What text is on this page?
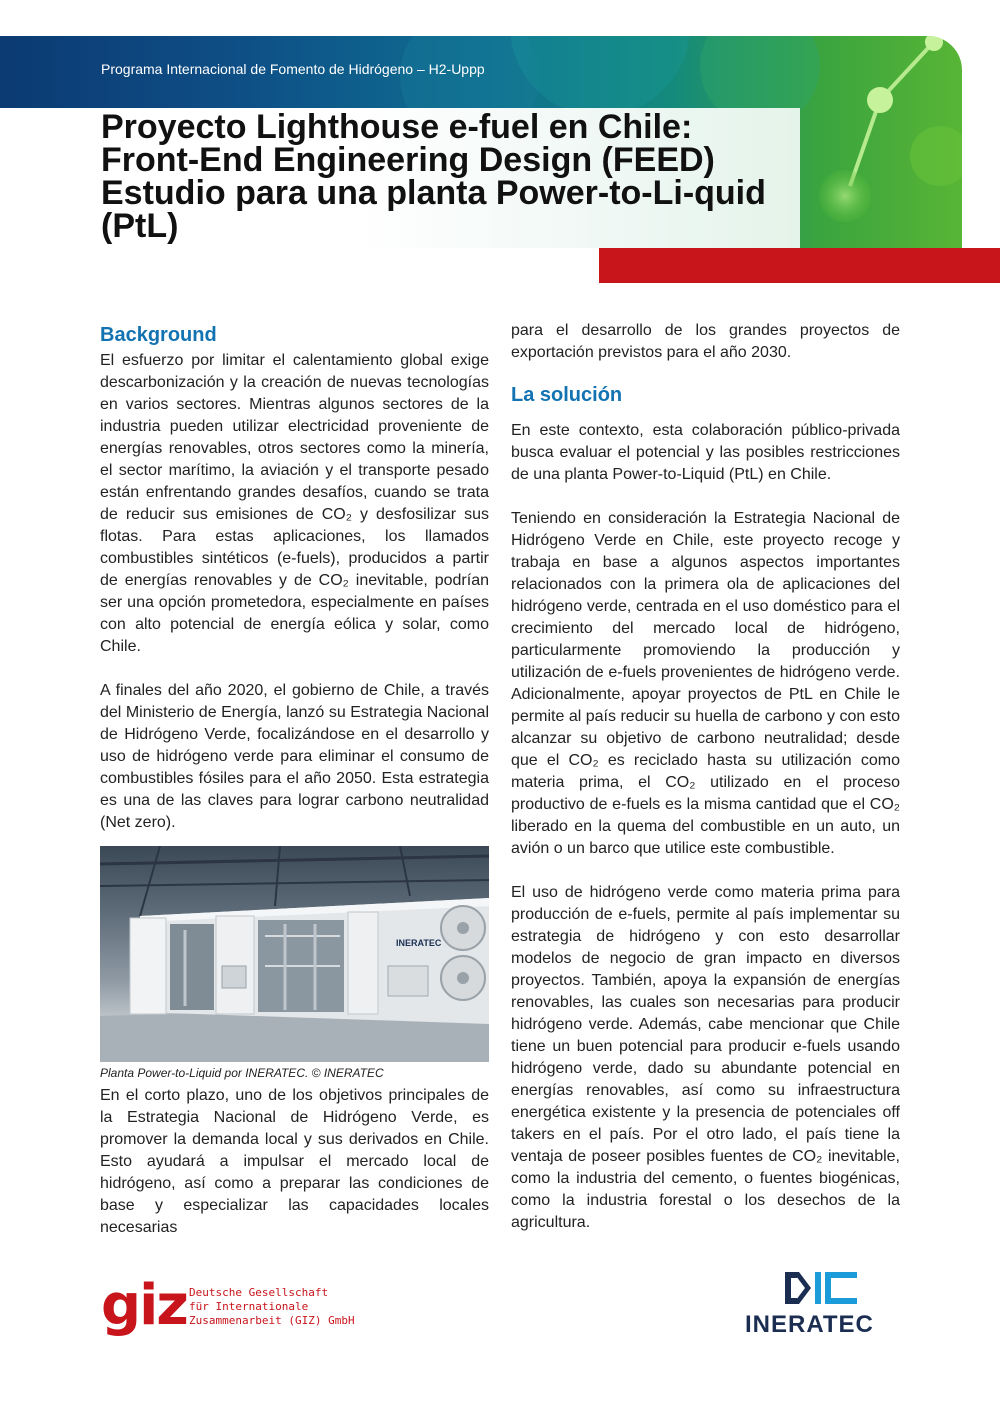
Programa Internacional de Fomento de Hidrógeno – H2-Uppp
Proyecto Lighthouse e-fuel en Chile: Front-End Engineering Design (FEED) Estudio para una planta Power-to-Li-quid (PtL)
Background

El esfuerzo por limitar el calentamiento global exige descarbonización y la creación de nuevas tecnologías en varios sectores. Mientras algunos sectores de la industria pueden utilizar electricidad proveniente de energías renovables, otros sectores como la minería, el sector marítimo, la aviación y el transporte pesado están enfrentando grandes desafíos, cuando se trata de reducir sus emisiones de CO₂ y desfosilizar sus flotas. Para estas aplicaciones, los llamados combustibles sintéticos (e-fuels), producidos a partir de energías renovables y de CO₂ inevitable, podrían ser una opción prometedora, especialmente en países con alto potencial de energía eólica y solar, como Chile.

A finales del año 2020, el gobierno de Chile, a través del Ministerio de Energía, lanzó su Estrategia Nacional de Hidrógeno Verde, focalizándose en el desarrollo y uso de hidrógeno verde para eliminar el consumo de combustibles fósiles para el año 2050. Esta estrategia es una de las claves para lograr carbono neutralidad (Net zero).

INERATEC
Planta Power-to-Liquid por INERATEC. © INERATEC

En el corto plazo, uno de los objetivos principales de la Estrategia Nacional de Hidrógeno Verde, es promover la demanda local y sus derivados en Chile. Esto ayudará a impulsar el mercado local de hidrógeno, así como a preparar las condiciones de base y especializar las capacidades locales necesarias

para el desarrollo de los grandes proyectos de exportación previstos para el año 2030.

La solución

En este contexto, esta colaboración público-privada busca evaluar el potencial y las posibles restricciones de una planta Power-to-Liquid (PtL) en Chile.

Teniendo en consideración la Estrategia Nacional de Hidrógeno Verde en Chile, este proyecto recoge y trabaja en base a algunos aspectos importantes relacionados con la primera ola de aplicaciones del hidrógeno verde, centrada en el uso doméstico para el crecimiento del mercado local de hidrógeno, particularmente promoviendo la producción y utilización de e-fuels provenientes de hidrógeno verde. Adicionalmente, apoyar proyectos de PtL en Chile le permite al país reducir su huella de carbono y con esto alcanzar su objetivo de carbono neutralidad; desde que el CO₂ es reciclado hasta su utilización como materia prima, el CO₂ utilizado en el proceso productivo de e-fuels es la misma cantidad que el CO₂ liberado en la quema del combustible en un auto, un avión o un barco que utilice este combustible.

El uso de hidrógeno verde como materia prima para producción de e-fuels, permite al país implementar su estrategia de hidrógeno y con esto desarrollar modelos de negocio de gran impacto en diversos proyectos. También, apoya la expansión de energías renovables, las cuales son necesarias para producir hidrógeno verde. Además, cabe mencionar que Chile tiene un buen potencial para producir e-fuels usando hidrógeno verde, dado su abundante potencial en energías renovables, así como su infraestructura energética existente y la presencia de potenciales off takers en el país. Por el otro lado, el país tiene la ventaja de poseer posibles fuentes de CO₂ inevitable, como la industria del cemento, o fuentes biogénicas, como la industria forestal o los desechos de la agricultura.

giz Deutsche Gesellschaft
für Internationale
Zusammenarbeit (GIZ) GmbH	INERATEC
